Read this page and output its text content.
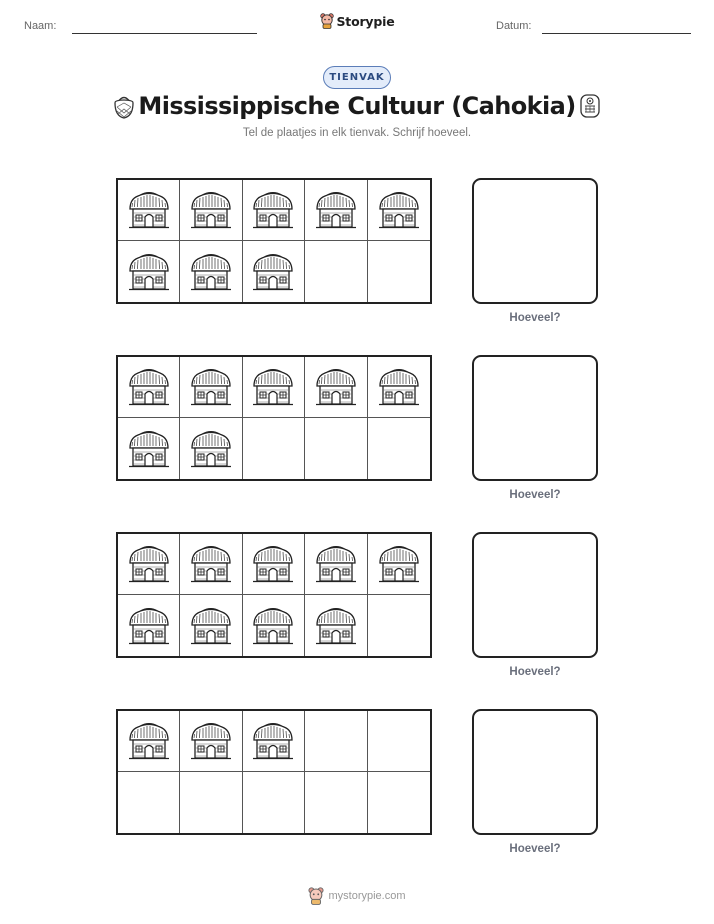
Naam:	Storypie	Datum:
TIENVAK
Mississippische Cultuur (Cahokia)
Tel de plaatjes in elk tienvak. Schrijf hoeveel.
Hoeveel?
Hoeveel?
Hoeveel?
Hoeveel?
mystorypie.com
